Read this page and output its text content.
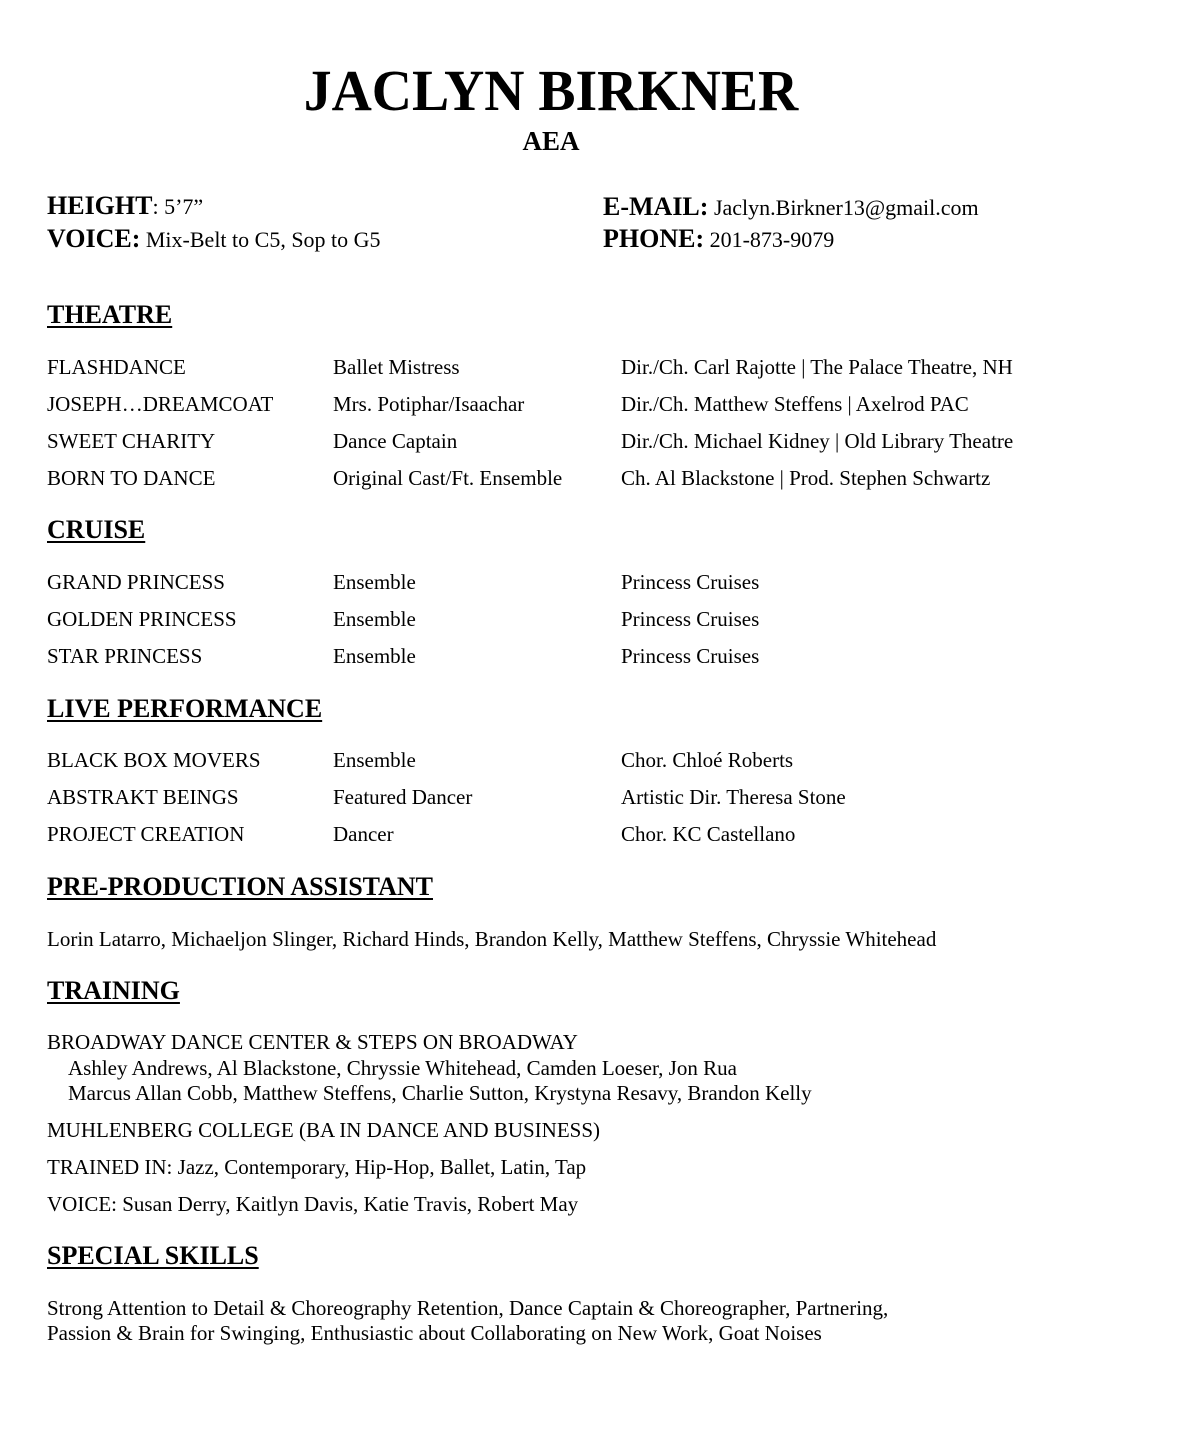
JACLYN BIRKNER
AEA
HEIGHT: 5’7”
VOICE: Mix-Belt to C5, Sop to G5
E-MAIL: Jaclyn.Birkner13@gmail.com
PHONE: 201-873-9079
THEATRE
FLASHDANCE	Ballet Mistress	Dir./Ch. Carl Rajotte | The Palace Theatre, NH
JOSEPH…DREAMCOAT	Mrs. Potiphar/Isaachar	Dir./Ch. Matthew Steffens | Axelrod PAC
SWEET CHARITY	Dance Captain	Dir./Ch. Michael Kidney | Old Library Theatre
BORN TO DANCE	Original Cast/Ft. Ensemble	Ch. Al Blackstone | Prod. Stephen Schwartz
CRUISE
GRAND PRINCESS	Ensemble	Princess Cruises
GOLDEN PRINCESS	Ensemble	Princess Cruises
STAR PRINCESS	Ensemble	Princess Cruises
LIVE PERFORMANCE
BLACK BOX MOVERS	Ensemble	Chor. Chloé Roberts
ABSTRAKT BEINGS	Featured Dancer	Artistic Dir. Theresa Stone
PROJECT CREATION	Dancer	Chor. KC Castellano
PRE-PRODUCTION ASSISTANT
Lorin Latarro, Michaeljon Slinger, Richard Hinds, Brandon Kelly, Matthew Steffens, Chryssie Whitehead
TRAINING
BROADWAY DANCE CENTER & STEPS ON BROADWAY
Ashley Andrews, Al Blackstone, Chryssie Whitehead, Camden Loeser, Jon Rua
Marcus Allan Cobb, Matthew Steffens, Charlie Sutton, Krystyna Resavy, Brandon Kelly
MUHLENBERG COLLEGE (BA IN DANCE AND BUSINESS)
TRAINED IN: Jazz, Contemporary, Hip-Hop, Ballet, Latin, Tap
VOICE: Susan Derry, Kaitlyn Davis, Katie Travis, Robert May
SPECIAL SKILLS
Strong Attention to Detail & Choreography Retention, Dance Captain & Choreographer, Partnering,
Passion & Brain for Swinging, Enthusiastic about Collaborating on New Work, Goat Noises
